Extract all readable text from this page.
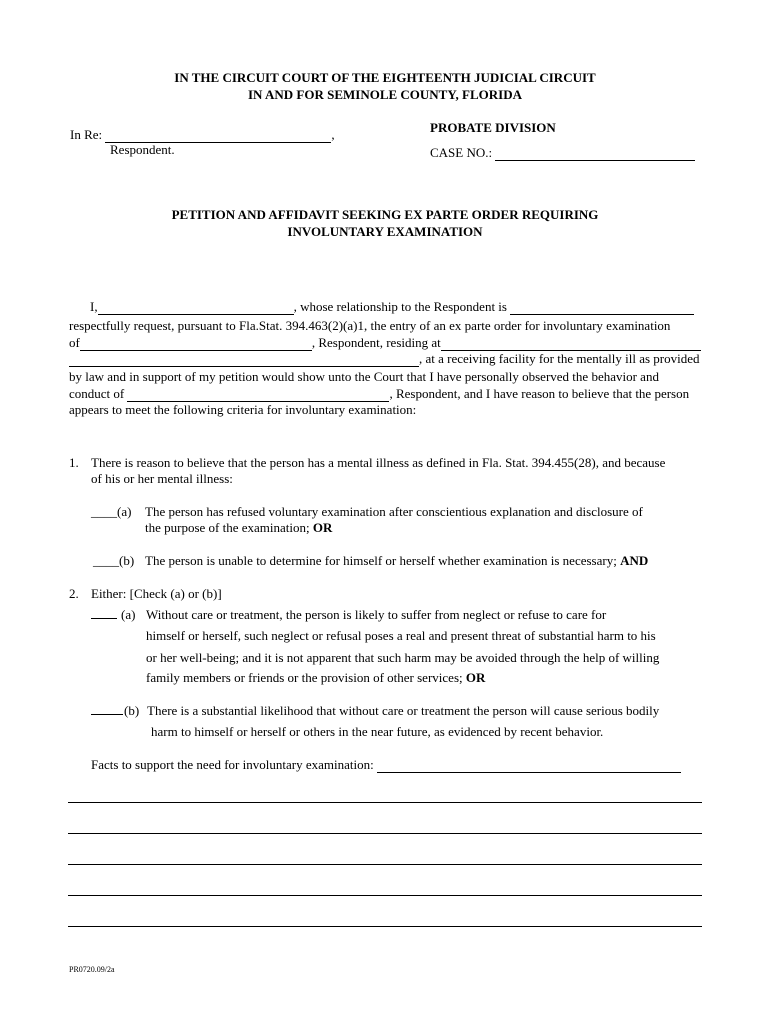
IN THE CIRCUIT COURT OF THE EIGHTEENTH JUDICIAL CIRCUIT
IN AND FOR SEMINOLE COUNTY, FLORIDA
In Re:	,
Respondent.
PROBATE DIVISION
CASE NO.:
PETITION AND AFFIDAVIT SEEKING EX PARTE ORDER REQUIRING
INVOLUNTARY EXAMINATION
I,	, whose relationship to the Respondent is
respectfully request, pursuant to Fla.Stat. 394.463(2)(a)1, the entry of an ex parte order for involuntary examination
of	, Respondent, residing at
, at a receiving facility for the mentally ill as provided
by law and in support of my petition would show unto the Court that I have personally observed the behavior and
conduct of	, Respondent, and I have reason to believe that the person
appears to meet the following criteria for involuntary examination:
1. There is reason to believe that the person has a mental illness as defined in Fla. Stat. 394.455(28), and because
of his or her mental illness:
____(a) The person has refused voluntary examination after conscientious explanation and disclosure of
the purpose of the examination; OR
____(b) The person is unable to determine for himself or herself whether examination is necessary; AND
2. Either: [Check (a) or (b)]
(a) Without care or treatment, the person is likely to suffer from neglect or refuse to care for
himself or herself, such neglect or refusal poses a real and present threat of substantial harm to his
or her well-being; and it is not apparent that such harm may be avoided through the help of willing
family members or friends or the provision of other services; OR
(b) There is a substantial likelihood that without care or treatment the person will cause serious bodily
harm to himself or herself or others in the near future, as evidenced by recent behavior.
Facts to support the need for involuntary examination:
PR0720.09/2a
